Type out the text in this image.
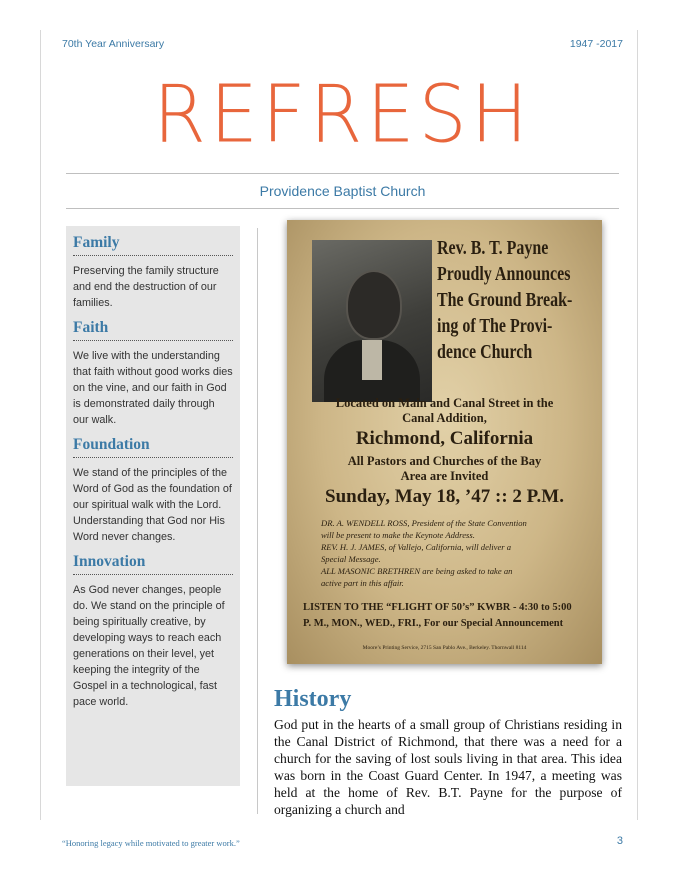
70th Year Anniversary	1947 -2017
REFRESH
Providence Baptist Church
Family
Preserving the family structure and end the destruction of our families.
Faith
We live with the understanding that faith without good works dies on the vine, and our faith in God is demonstrated daily through our walk.
Foundation
We stand of the principles of the Word of God as the foundation of our spiritual walk with the Lord. Understanding that God nor His Word never changes.
Innovation
As God never changes, people do. We stand on the principle of being spiritually creative, by developing ways to reach each generations on their level, yet keeping the integrity of the Gospel in a technological, fast pace world.
Rev. B. T. Payne
Proudly Announces
The Ground Break-
ing of The Provi-
dence Church
Located on Main and Canal Street in the
Canal Addition,
Richmond, California
All Pastors and Churches of the Bay
Area are Invited
Sunday, May 18, ’47 :: 2 P.M.
DR. A. WENDELL ROSS, President of the State Convention
will be present to make the Keynote Address.
REV. H. J. JAMES, of Vallejo, California, will deliver a
Special Message.
ALL MASONIC BRETHREN are being asked to take an
active part in this affair.
LISTEN TO THE “FLIGHT OF 50’s” KWBR - 4:30 to 5:00
P. M., MON., WED., FRI., For our Special Announcement
Moore’s Printing Service, 2715 San Pablo Ave., Berkeley. Thornwall 8114
History
God put in the hearts of a small group of Christians residing in the Canal District of Richmond, that there was a need for a church for the saving of lost souls living in that area. This idea was born in the Coast Guard Center. In 1947, a meeting was held at the home of Rev. B.T. Payne for the purpose of organizing a church and
“Honoring legacy while motivated to greater work.”	3
